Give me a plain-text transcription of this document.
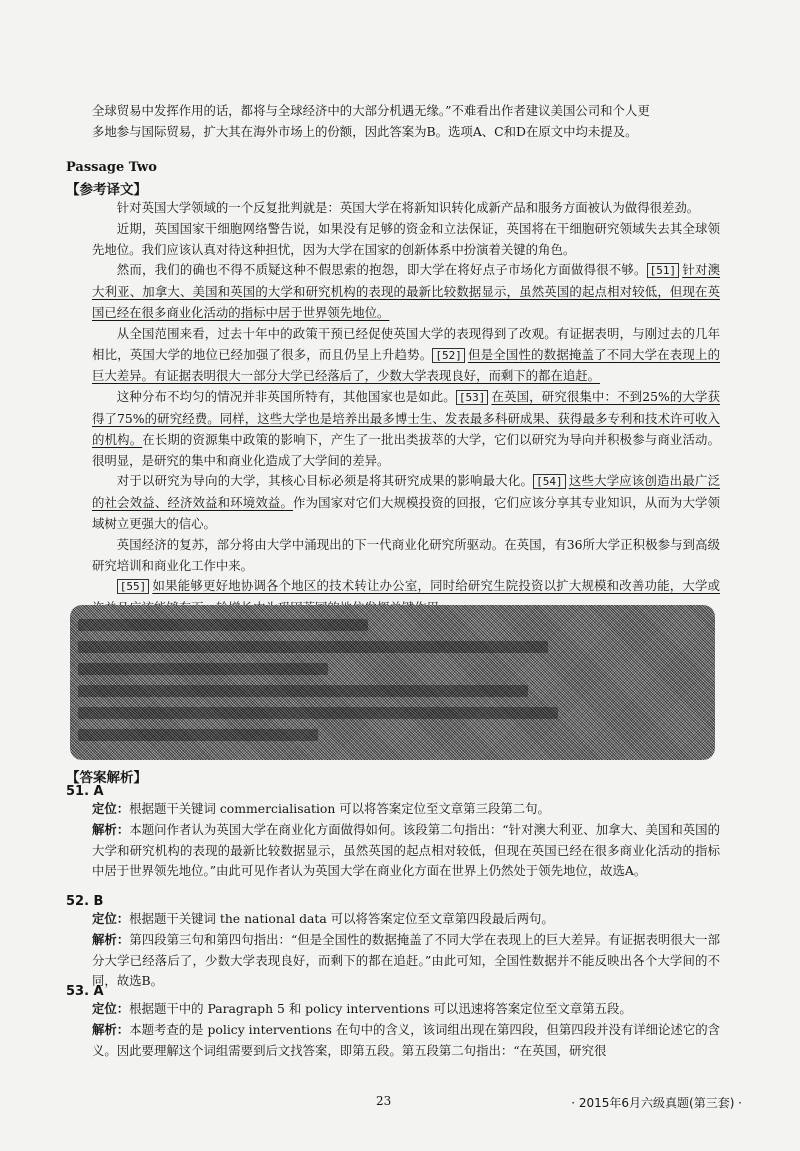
全球贸易中发挥作用的话，都将与全球经济中的大部分机遇无缘。”不难看出作者建议美国公司和个人更

多地参与国际贸易，扩大其在海外市场上的份额，因此答案为B。选项A、C和D在原文中均未提及。

Passage Two
【参考译文】

针对英国大学领域的一个反复批判就是：英国大学在将新知识转化成新产品和服务方面被认为做得很差劲。

近期，英国国家干细胞网络警告说，如果没有足够的资金和立法保证，英国将在干细胞研究领域失去其全球领先地位。我们应该认真对待这种担忧，因为大学在国家的创新体系中扮演着关键的角色。

然而，我们的确也不得不质疑这种不假思索的抱怨，即大学在将好点子市场化方面做得很不够。 [51] 针对澳大利亚、加拿大、美国和英国的大学和研究机构的表现的最新比较数据显示，虽然英国的起点相对较低，但现在英国已经在很多商业化活动的指标中居于世界领先地位。

从全国范围来看，过去十年中的政策干预已经促使英国大学的表现得到了改观。有证据表明，与刚过去的几年相比，英国大学的地位已经加强了很多，而且仍呈上升趋势。 [52] 但是全国性的数据掩盖了不同大学在表现上的巨大差异。有证据表明很大一部分大学已经落后了，少数大学表现良好，而剩下的都在追赶。

这种分布不均匀的情况并非英国所特有，其他国家也是如此。 [53] 在英国，研究很集中：不到25%的大学获得了75%的研究经费。同样，这些大学也是培养出最多博士生、发表最多科研成果、获得最多专利和技术许可收入的机构。在长期的资源集中政策的影响下，产生了一批出类拔萃的大学，它们以研究为导向并积极参与商业活动。很明显，是研究的集中和商业化造成了大学间的差异。

对于以研究为导向的大学，其核心目标必须是将其研究成果的影响最大化。 [54] 这些大学应该创造出最广泛的社会效益、经济效益和环境效益。作为国家对它们大规模投资的回报，它们应该分享其专业知识，从而为大学领域树立更强大的信心。

英国经济的复苏，部分将由大学中涌现出的下一代商业化研究所驱动。在英国，有36所大学正积极参与到高级研究培训和商业化工作中来。

[55] 如果能够更好地协调各个地区的技术转让办公室，同时给研究生院投资以扩大规模和改善功能，大学或

【答案解析】

51. A

定位：根据题干关键词 commercialisation 可以将答案定位至文章第三段第二句。

解析：本题问作者认为英国大学在商业化方面做得如何。该段第二句指出：“针对澳大利亚、加拿大、美国和英国的大学和研究机构的表现的最新比较数据显示，虽然英国的起点相对较低，但现在英国已经在很多商业化活动的指标中居于世界领先地位。”由此可见作者认为英国大学在商业化方面在世界上仍然处于领先地位，故选A。

52. B

定位：根据题干关键词 the national data 可以将答案定位至文章第四段最后两句。

解析：第四段第三句和第四句指出：“但是全国性的数据掩盖了不同大学在表现上的巨大差异。有证据表明很大一部分大学已经落后了，少数大学表现良好，而剩下的都在追赶。”由此可知，全国性数据并不能反映出各个大学间的不同，故选B。

53. A

定位：根据题干中的 Paragraph 5 和 policy interventions 可以迅速将答案定位至文章第五段。

解析：本题考查的是 policy interventions 在句中的含义，该词组出现在第四段，但第四段并没有详细论述它的含义。因此要理解这个词组需要到后文找答案，即第五段。第五段第二句指出：“在英国，研究很

23	· 2015年6月六级真题(第三套) ·
